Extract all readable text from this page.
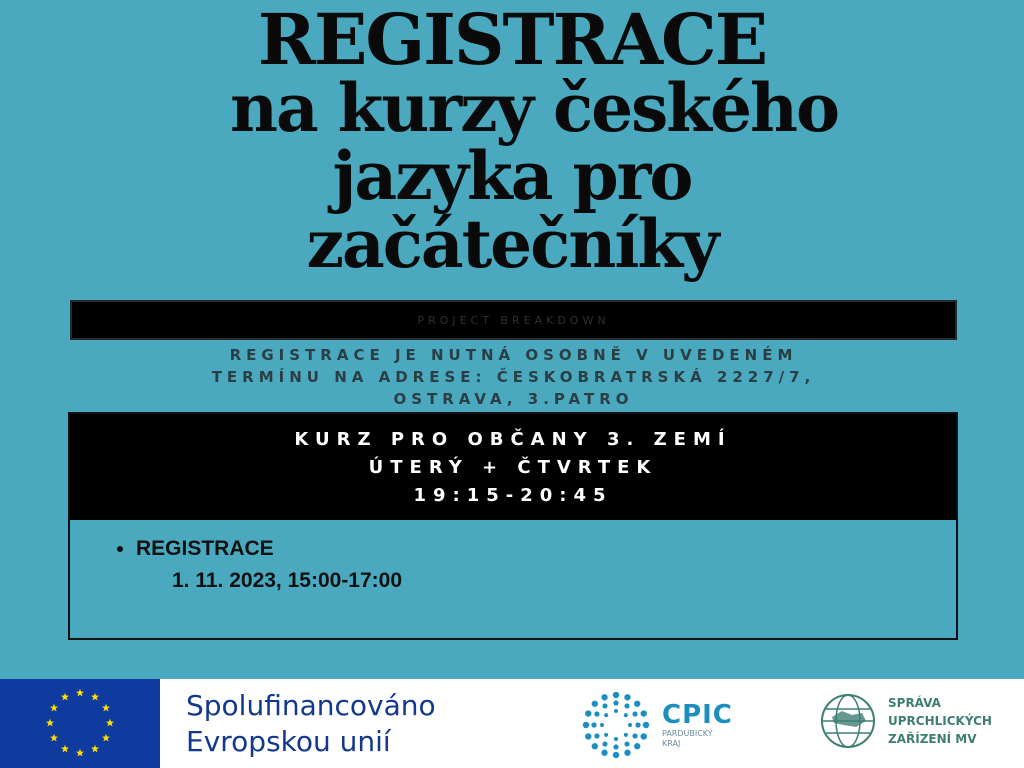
REGISTRACE
na kurzy českého
jazyka pro
začátečníky
PROJECT BREAKDOWN
REGISTRACE JE NUTNÁ OSOBNĚ V UVEDENÉM
TERMÍNU NA ADRESE: ČESKOBRATRSKÁ 2227/7,
OSTRAVA, 3.PATRO
KURZ PRO OBČANY 3. ZEMÍ
ÚTERÝ + ČTVRTEK
19:15-20:45
• REGISTRACE
1. 11. 2023, 15:00-17:00
Spolufinancováno
Evropskou unií
CPIC
PARDUBICKÝ
KRAJ
SPRÁVA
UPRCHLICKÝCH
ZAŘÍZENÍ MV
